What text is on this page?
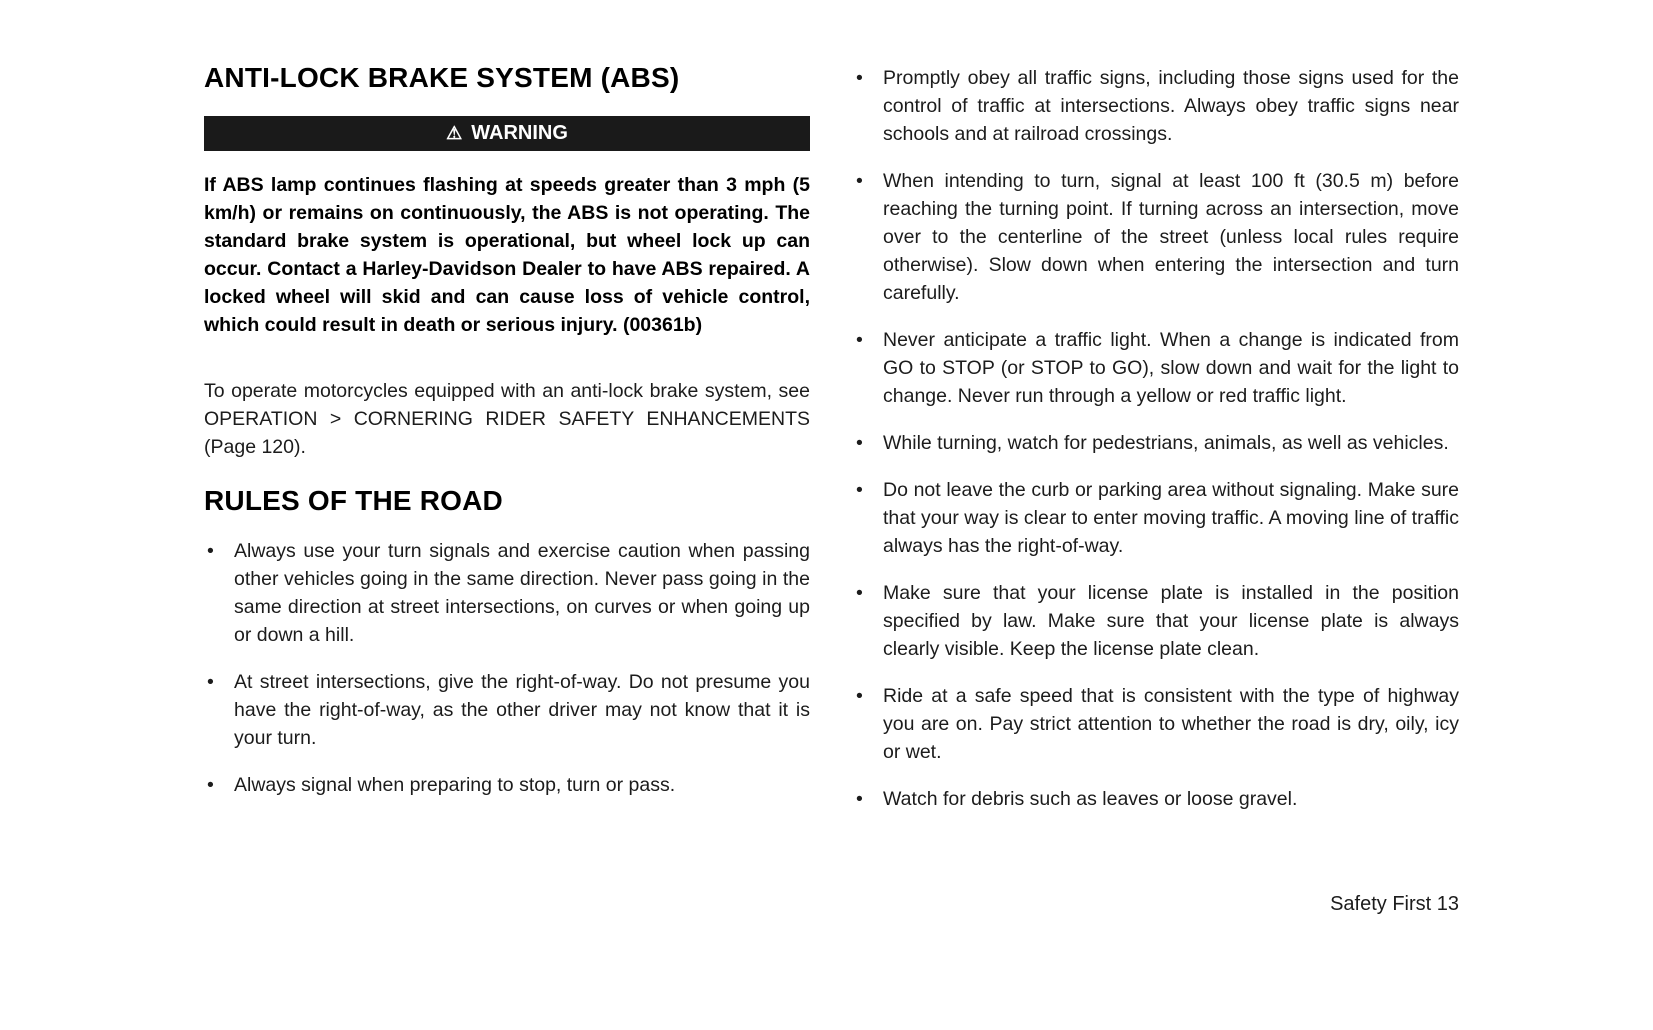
ANTI-LOCK BRAKE SYSTEM (ABS)
⚠ WARNING

If ABS lamp continues flashing at speeds greater than 3 mph (5 km/h) or remains on continuously, the ABS is not operating. The standard brake system is operational, but wheel lock up can occur. Contact a Harley-Davidson Dealer to have ABS repaired. A locked wheel will skid and can cause loss of vehicle control, which could result in death or serious injury. (00361b)

To operate motorcycles equipped with an anti-lock brake system, see OPERATION > CORNERING RIDER SAFETY ENHANCEMENTS (Page 120).

RULES OF THE ROAD
• Always use your turn signals and exercise caution when passing other vehicles going in the same direction. Never pass going in the same direction at street intersections, on curves or when going up or down a hill.
• At street intersections, give the right-of-way. Do not presume you have the right-of-way, as the other driver may not know that it is your turn.
• Always signal when preparing to stop, turn or pass.
• Promptly obey all traffic signs, including those signs used for the control of traffic at intersections. Always obey traffic signs near schools and at railroad crossings.
• When intending to turn, signal at least 100 ft (30.5 m) before reaching the turning point. If turning across an intersection, move over to the centerline of the street (unless local rules require otherwise). Slow down when entering the intersection and turn carefully.
• Never anticipate a traffic light. When a change is indicated from GO to STOP (or STOP to GO), slow down and wait for the light to change. Never run through a yellow or red traffic light.
• While turning, watch for pedestrians, animals, as well as vehicles.
• Do not leave the curb or parking area without signaling. Make sure that your way is clear to enter moving traffic. A moving line of traffic always has the right-of-way.
• Make sure that your license plate is installed in the position specified by law. Make sure that your license plate is always clearly visible. Keep the license plate clean.
• Ride at a safe speed that is consistent with the type of highway you are on. Pay strict attention to whether the road is dry, oily, icy or wet.
• Watch for debris such as leaves or loose gravel.
Safety First 13
